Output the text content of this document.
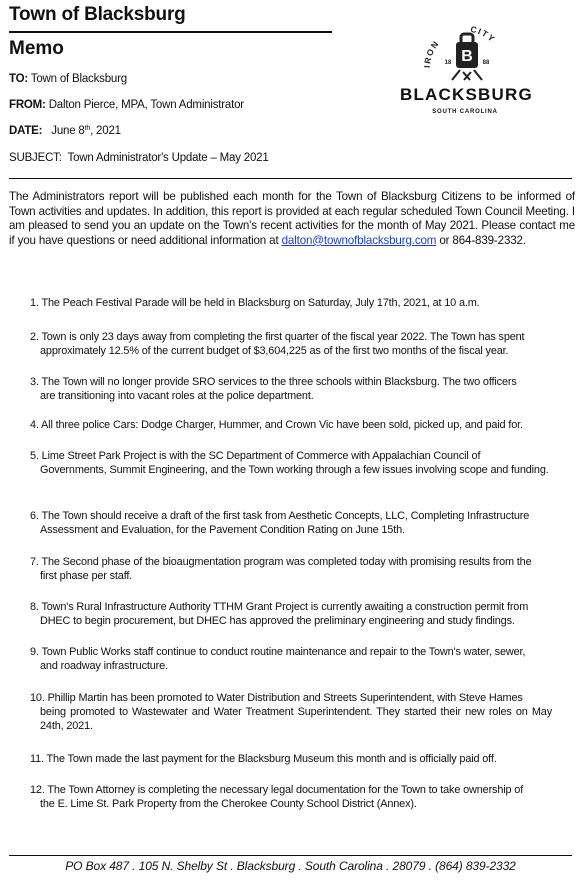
Town of Blacksburg
Memo
TO: Town of Blacksburg
FROM: Dalton Pierce, MPA, Town Administrator
DATE: June 8th, 2021
SUBJECT: Town Administrator's Update – May 2021
IRON
CITY
B
18	88
BLACKSBURG
SOUTH CAROLINA
The Administrators report will be published each month for the Town of Blacksburg Citizens to be informed of Town activities and updates. In addition, this report is provided at each regular scheduled Town Council Meeting. I am pleased to send you an update on the Town's recent activities for the month of May 2021. Please contact me if you have questions or need additional information at dalton@townofblacksburg.com or 864-839-2332.
1. The Peach Festival Parade will be held in Blacksburg on Saturday, July 17th, 2021, at 10 a.m.
2. Town is only 23 days away from completing the first quarter of the fiscal year 2022. The Town has spent
approximately 12.5% of the current budget of $3,604,225 as of the first two months of the fiscal year.
3. The Town will no longer provide SRO services to the three schools within Blacksburg. The two officers
are transitioning into vacant roles at the police department.
4. All three police Cars: Dodge Charger, Hummer, and Crown Vic have been sold, picked up, and paid for.
5. Lime Street Park Project is with the SC Department of Commerce with Appalachian Council of
Governments, Summit Engineering, and the Town working through a few issues involving scope and funding.
6. The Town should receive a draft of the first task from Aesthetic Concepts, LLC, Completing Infrastructure
Assessment and Evaluation, for the Pavement Condition Rating on June 15th.
7. The Second phase of the bioaugmentation program was completed today with promising results from the
first phase per staff.
8. Town's Rural Infrastructure Authority TTHM Grant Project is currently awaiting a construction permit from
DHEC to begin procurement, but DHEC has approved the preliminary engineering and study findings.
9. Town Public Works staff continue to conduct routine maintenance and repair to the Town's water, sewer,
and roadway infrastructure.
10. Phillip Martin has been promoted to Water Distribution and Streets Superintendent, with Steve Hames
being promoted to Wastewater and Water Treatment Superintendent. They started their new roles on May 24th, 2021.
11. The Town made the last payment for the Blacksburg Museum this month and is officially paid off.
12. The Town Attorney is completing the necessary legal documentation for the Town to take ownership of
the E. Lime St. Park Property from the Cherokee County School District (Annex).
PO Box 487 . 105 N. Shelby St . Blacksburg . South Carolina . 28079 . (864) 839-2332
